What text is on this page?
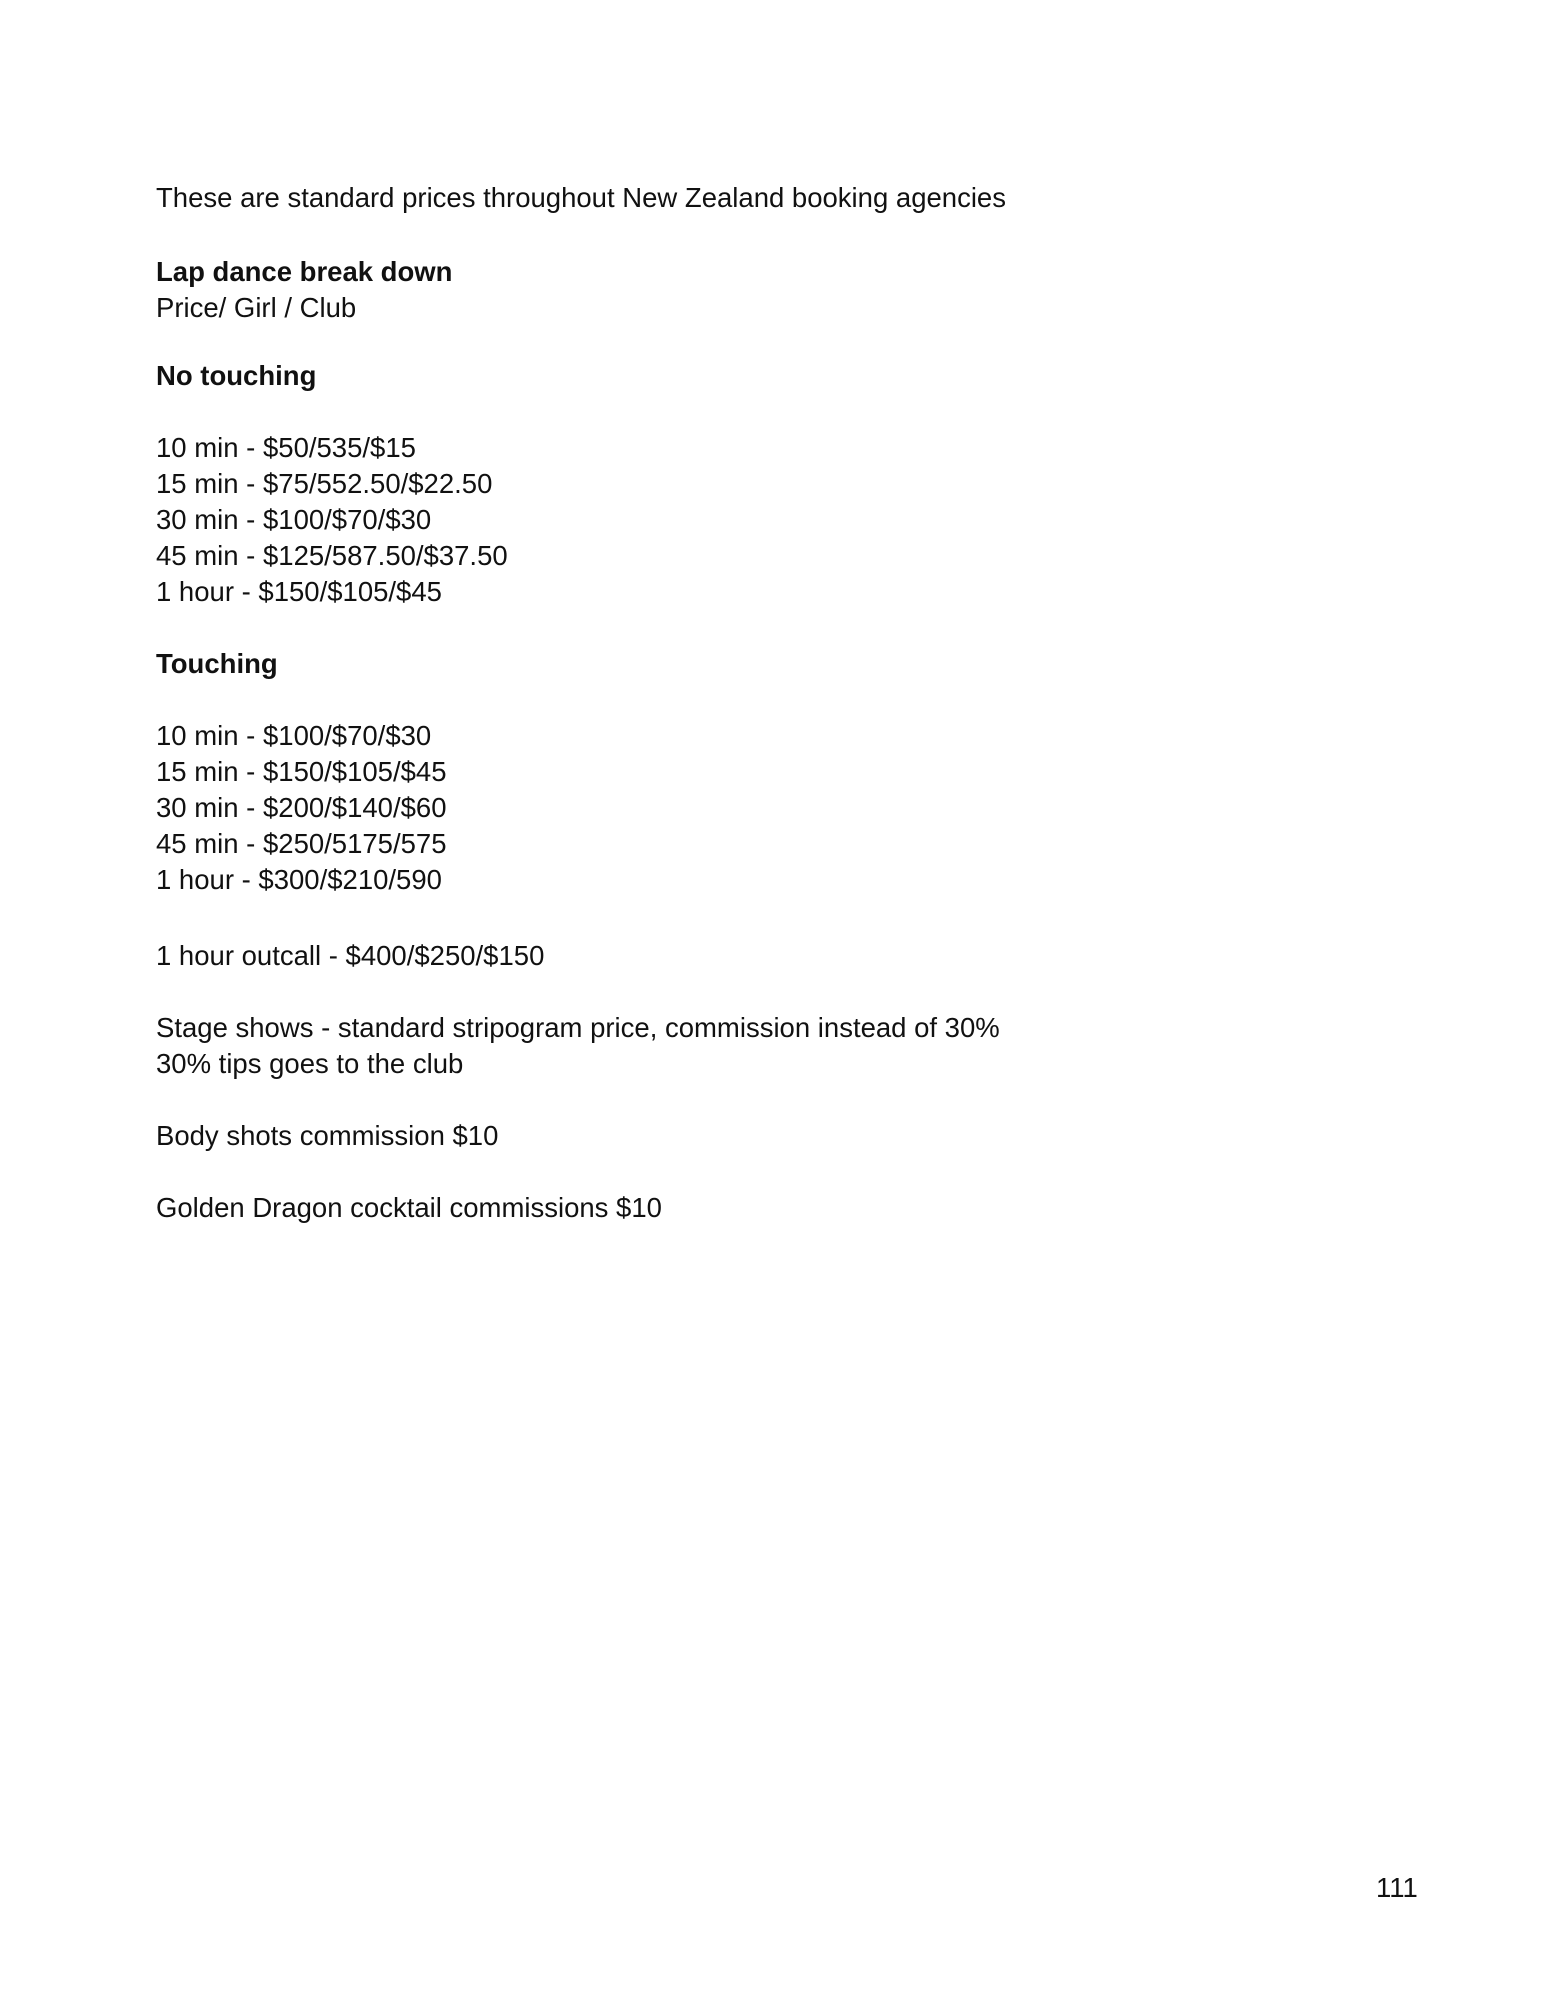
These are standard prices throughout New Zealand booking agencies
Lap dance break down
Price/ Girl / Club
No touching
10 min - $50/535/$15
15 min - $75/552.50/$22.50
30 min - $100/$70/$30
45 min - $125/587.50/$37.50
1 hour - $150/$105/$45
Touching
10 min - $100/$70/$30
15 min - $150/$105/$45
30 min - $200/$140/$60
45 min - $250/5175/575
1 hour - $300/$210/590
1 hour outcall - $400/$250/$150
Stage shows - standard stripogram price, commission instead of 30%
30% tips goes to the club
Body shots commission $10
Golden Dragon cocktail commissions $10
111
